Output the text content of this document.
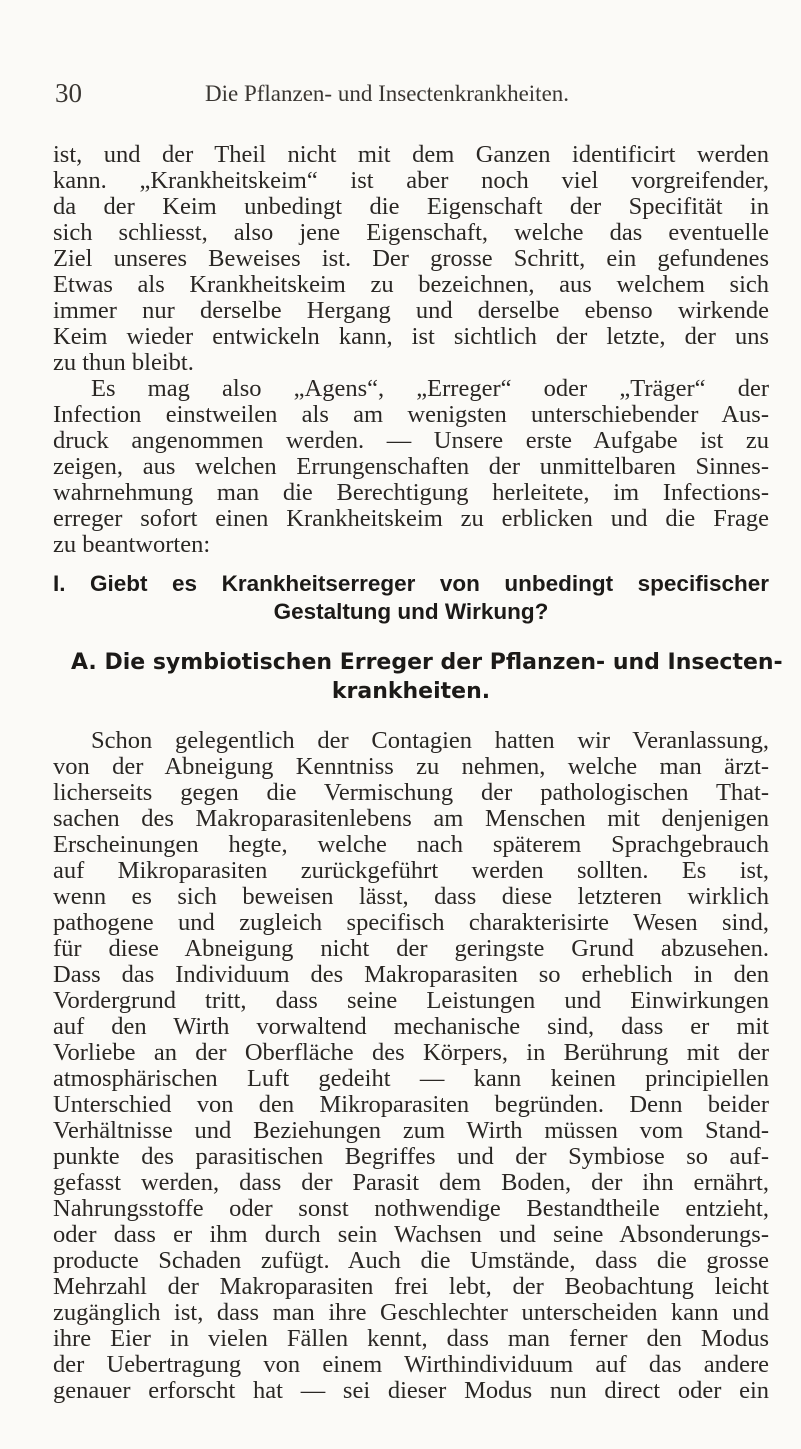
30	Die Pflanzen- und Insectenkrankheiten.
ist, und der Theil nicht mit dem Ganzen identificirt werden
kann. „Krankheitskeim“ ist aber noch viel vorgreifender,
da der Keim unbedingt die Eigenschaft der Specifität in
sich schliesst, also jene Eigenschaft, welche das eventuelle
Ziel unseres Beweises ist. Der grosse Schritt, ein gefundenes
Etwas als Krankheitskeim zu bezeichnen, aus welchem sich
immer nur derselbe Hergang und derselbe ebenso wirkende
Keim wieder entwickeln kann, ist sichtlich der letzte, der uns
zu thun bleibt.
Es mag also „Agens“, „Erreger“ oder „Träger“ der
Infection einstweilen als am wenigsten unterschiebender Aus-
druck angenommen werden. — Unsere erste Aufgabe ist zu
zeigen, aus welchen Errungenschaften der unmittelbaren Sinnes-
wahrnehmung man die Berechtigung herleitete, im Infections-
erreger sofort einen Krankheitskeim zu erblicken und die Frage
zu beantworten:
I. Giebt es Krankheitserreger von unbedingt specifischer
Gestaltung und Wirkung?
A. Die symbiotischen Erreger der Pflanzen- und Insecten-
krankheiten.
Schon gelegentlich der Contagien hatten wir Veranlassung,
von der Abneigung Kenntniss zu nehmen, welche man ärzt-
licherseits gegen die Vermischung der pathologischen That-
sachen des Makroparasitenlebens am Menschen mit denjenigen
Erscheinungen hegte, welche nach späterem Sprachgebrauch
auf Mikroparasiten zurückgeführt werden sollten. Es ist,
wenn es sich beweisen lässt, dass diese letzteren wirklich
pathogene und zugleich specifisch charakterisirte Wesen sind,
für diese Abneigung nicht der geringste Grund abzusehen.
Dass das Individuum des Makroparasiten so erheblich in den
Vordergrund tritt, dass seine Leistungen und Einwirkungen
auf den Wirth vorwaltend mechanische sind, dass er mit
Vorliebe an der Oberfläche des Körpers, in Berührung mit der
atmosphärischen Luft gedeiht — kann keinen principiellen
Unterschied von den Mikroparasiten begründen. Denn beider
Verhältnisse und Beziehungen zum Wirth müssen vom Stand-
punkte des parasitischen Begriffes und der Symbiose so auf-
gefasst werden, dass der Parasit dem Boden, der ihn ernährt,
Nahrungsstoffe oder sonst nothwendige Bestandtheile entzieht,
oder dass er ihm durch sein Wachsen und seine Absonderungs-
producte Schaden zufügt. Auch die Umstände, dass die grosse
Mehrzahl der Makroparasiten frei lebt, der Beobachtung leicht
zugänglich ist, dass man ihre Geschlechter unterscheiden kann und
ihre Eier in vielen Fällen kennt, dass man ferner den Modus
der Uebertragung von einem Wirthindividuum auf das andere
genauer erforscht hat — sei dieser Modus nun direct oder ein
